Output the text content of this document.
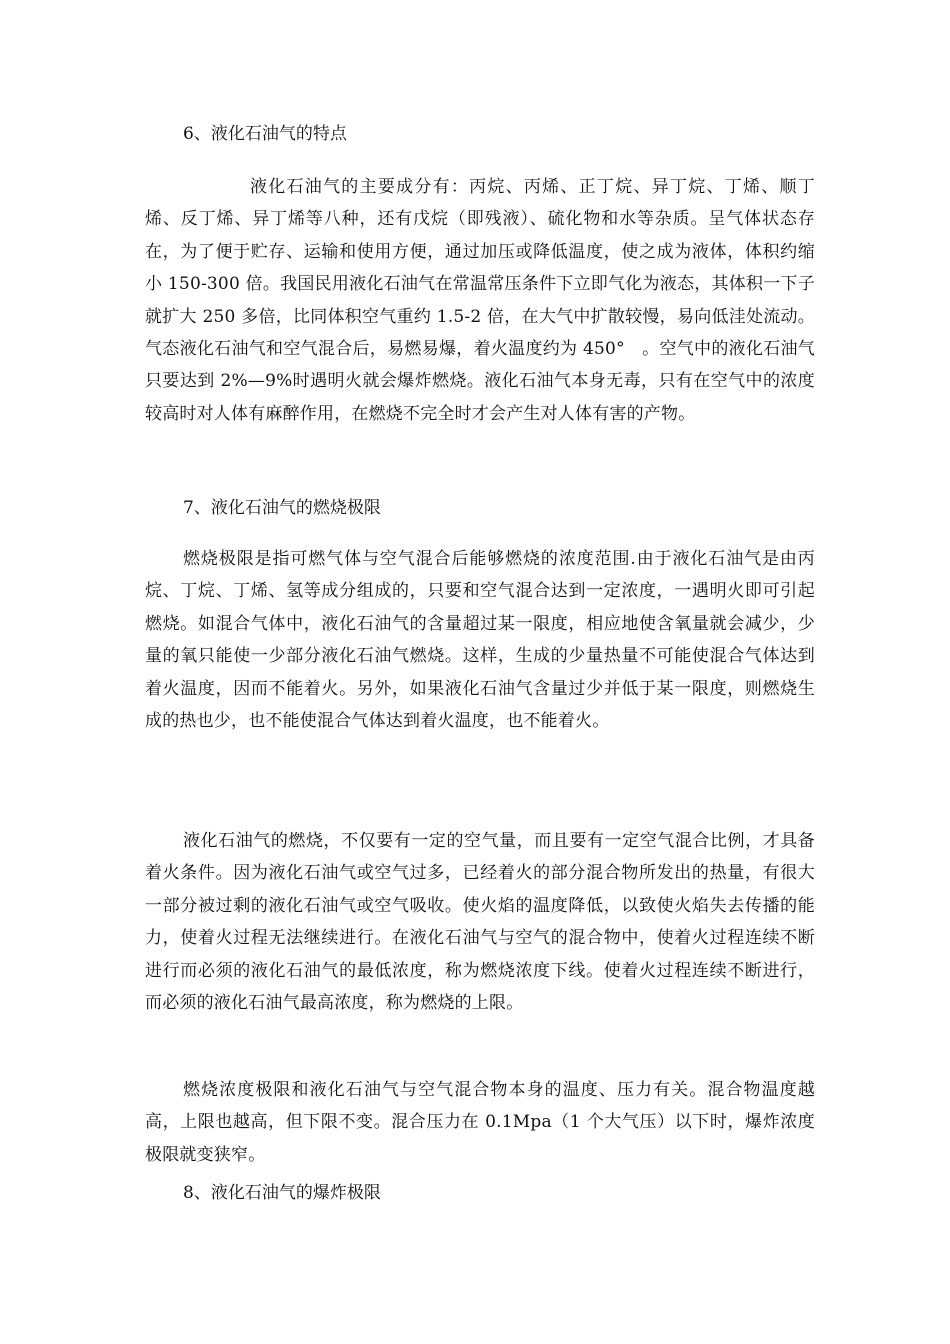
6、液化石油气的特点
液化石油气的主要成分有：丙烷、丙烯、正丁烷、异丁烷、丁烯、顺丁烯、反丁烯、异丁烯等八种，还有戊烷（即残液）、硫化物和水等杂质。呈气体状态存在，为了便于贮存、运输和使用方便，通过加压或降低温度，使之成为液体，体积约缩小 150-300 倍。我国民用液化石油气在常温常压条件下立即气化为液态，其体积一下子就扩大 250 多倍，比同体积空气重约 1.5-2 倍，在大气中扩散较慢，易向低洼处流动。气态液化石油气和空气混合后，易燃易爆，着火温度约为 450°　。空气中的液化石油气只要达到 2%—9%时遇明火就会爆炸燃烧。液化石油气本身无毒，只有在空气中的浓度较高时对人体有麻醉作用，在燃烧不完全时才会产生对人体有害的产物。
7、液化石油气的燃烧极限
燃烧极限是指可燃气体与空气混合后能够燃烧的浓度范围.由于液化石油气是由丙烷、丁烷、丁烯、氢等成分组成的，只要和空气混合达到一定浓度，一遇明火即可引起燃烧。如混合气体中，液化石油气的含量超过某一限度，相应地使含氧量就会减少，少量的氧只能使一少部分液化石油气燃烧。这样，生成的少量热量不可能使混合气体达到着火温度，因而不能着火。另外，如果液化石油气含量过少并低于某一限度，则燃烧生成的热也少，也不能使混合气体达到着火温度，也不能着火。
液化石油气的燃烧，不仅要有一定的空气量，而且要有一定空气混合比例，才具备着火条件。因为液化石油气或空气过多，已经着火的部分混合物所发出的热量，有很大一部分被过剩的液化石油气或空气吸收。使火焰的温度降低，以致使火焰失去传播的能力，使着火过程无法继续进行。在液化石油气与空气的混合物中，使着火过程连续不断进行而必须的液化石油气的最低浓度，称为燃烧浓度下线。使着火过程连续不断进行，而必须的液化石油气最高浓度，称为燃烧的上限。
燃烧浓度极限和液化石油气与空气混合物本身的温度、压力有关。混合物温度越高，上限也越高，但下限不变。混合压力在 0.1Mpa（1 个大气压）以下时，爆炸浓度极限就变狭窄。
8、液化石油气的爆炸极限
